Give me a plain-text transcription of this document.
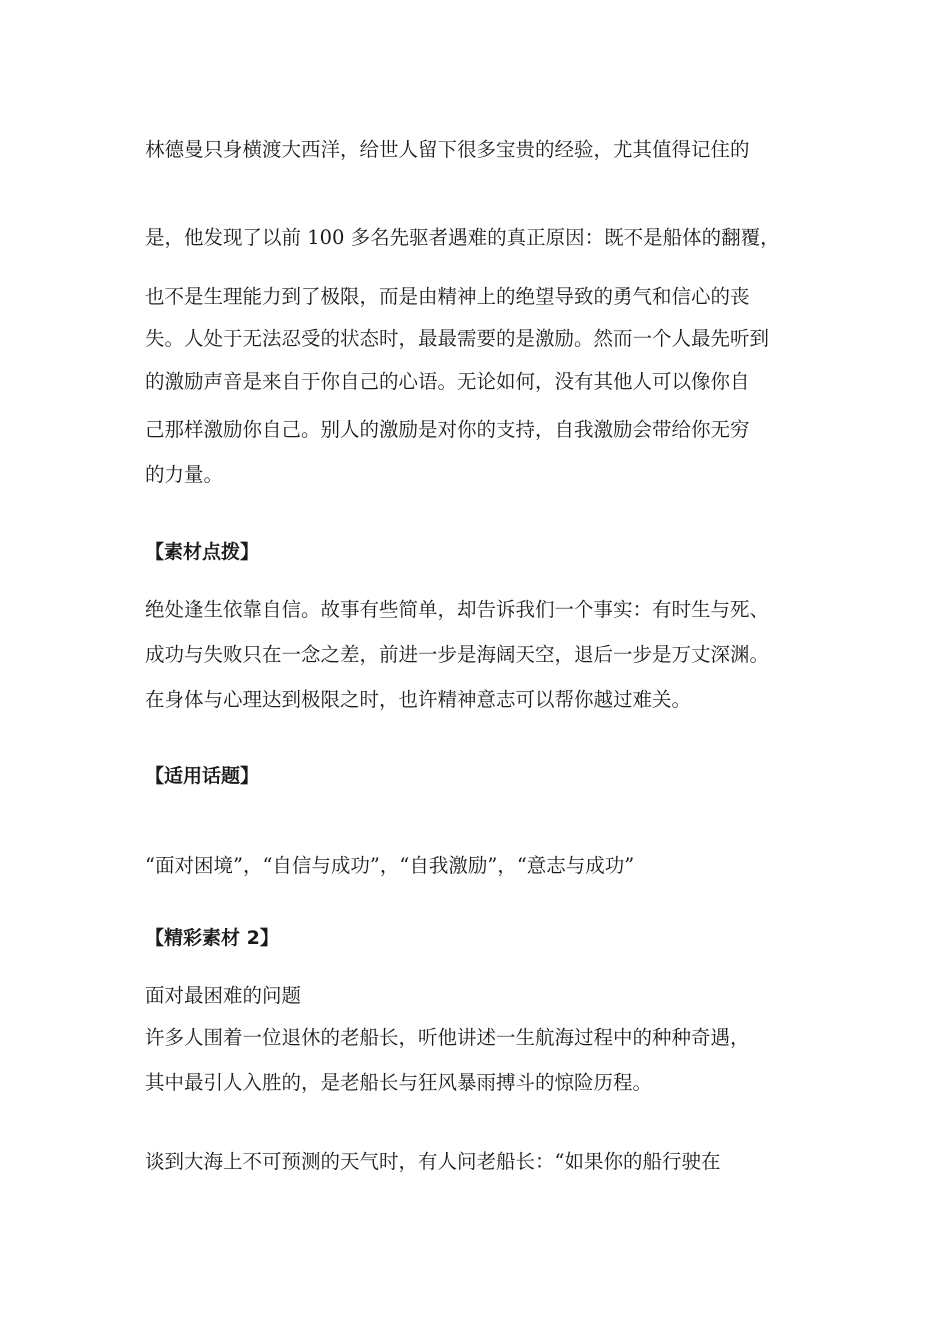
林德曼只身横渡大西洋，给世人留下很多宝贵的经验，尤其值得记住的
是，他发现了以前 100 多名先驱者遇难的真正原因：既不是船体的翻覆，
也不是生理能力到了极限，而是由精神上的绝望导致的勇气和信心的丧
失。人处于无法忍受的状态时，最最需要的是激励。然而一个人最先听到
的激励声音是来自于你自己的心语。无论如何，没有其他人可以像你自
己那样激励你自己。别人的激励是对你的支持，自我激励会带给你无穷
的力量。
【素材点拨】
绝处逢生依靠自信。故事有些简单，却告诉我们一个事实：有时生与死、
成功与失败只在一念之差，前进一步是海阔天空，退后一步是万丈深渊。
在身体与心理达到极限之时，也许精神意志可以帮你越过难关。
【适用话题】
“面对困境”，“自信与成功”，“自我激励”，“意志与成功”
【精彩素材 2】
面对最困难的问题
许多人围着一位退休的老船长，听他讲述一生航海过程中的种种奇遇，
其中最引人入胜的，是老船长与狂风暴雨搏斗的惊险历程。
谈到大海上不可预测的天气时，有人问老船长：“如果你的船行驶在
